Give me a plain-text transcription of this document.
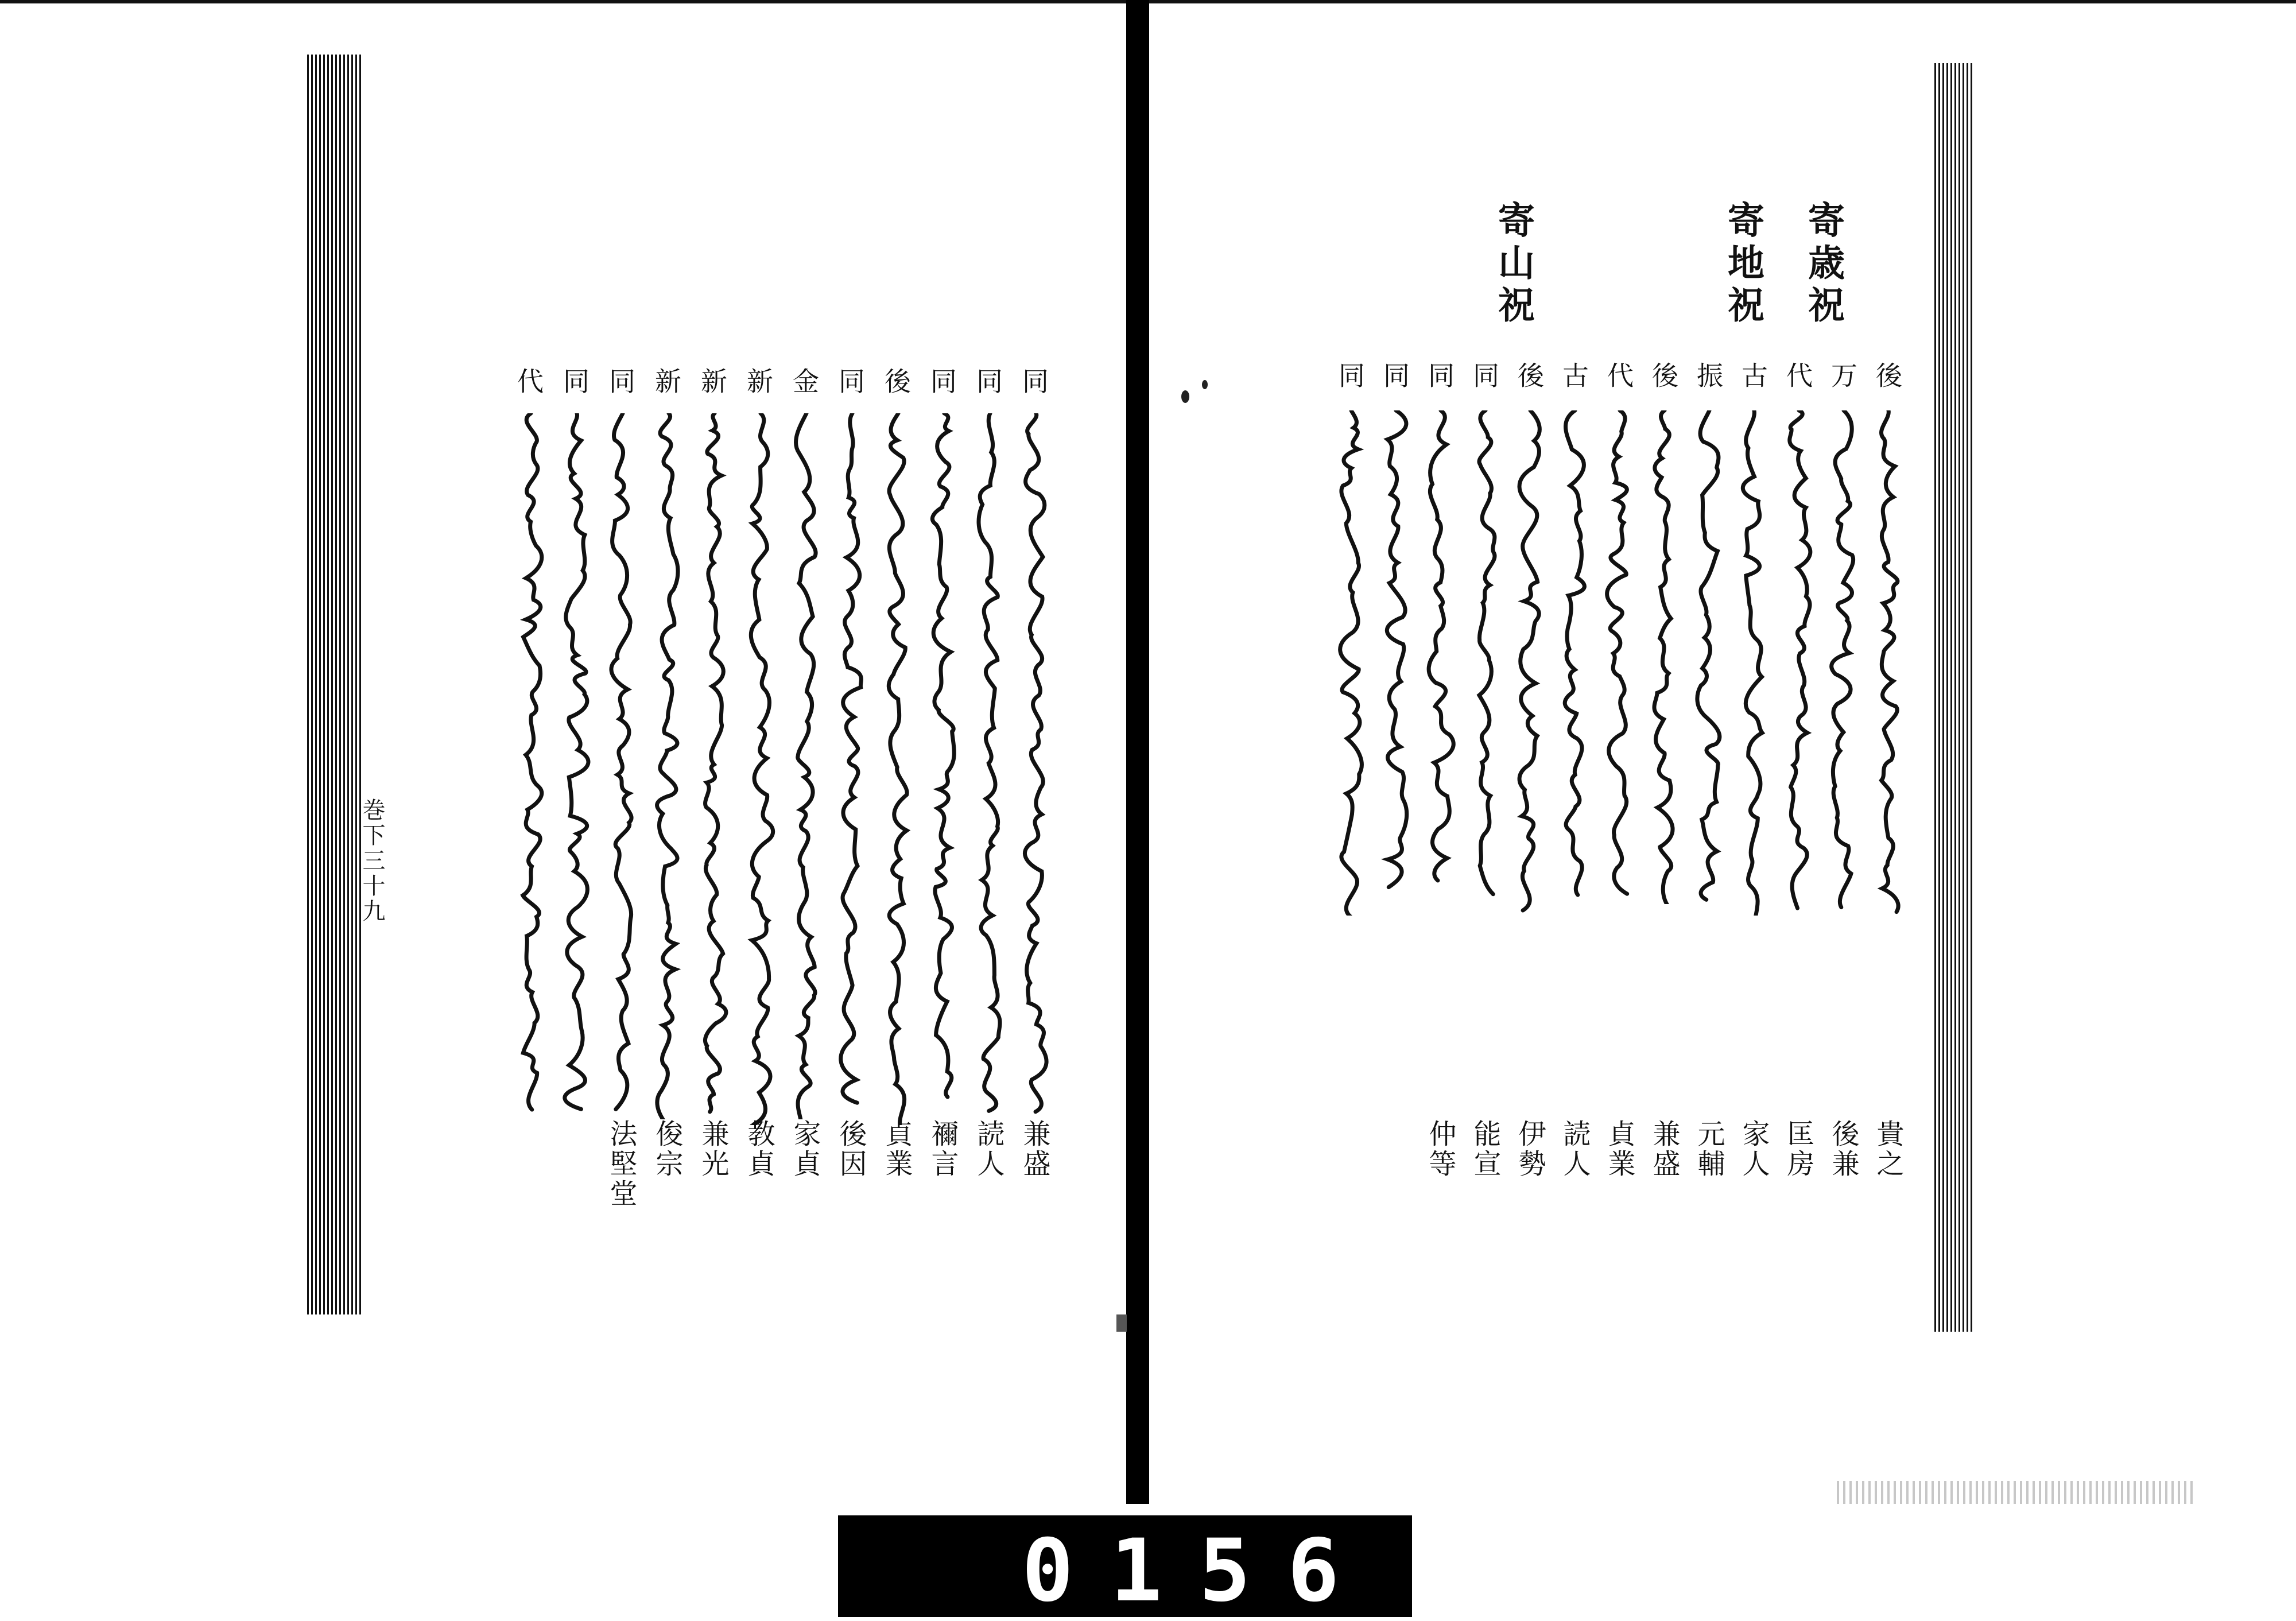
同
同
同
後
同
金
新
新
新
同
同
代
兼盛
読人
禰言
貞業
後因
家貞
教貞
兼光
俊宗
法堅堂
巻下三十九
寄歳祝
寄地祝
寄山祝
後
万
代
古
振
後
代
古
後
同
同
同
同
貴之
後兼
匡房
家人
元輔
兼盛
貞業
読人
伊勢
能宣
仲等
0156
